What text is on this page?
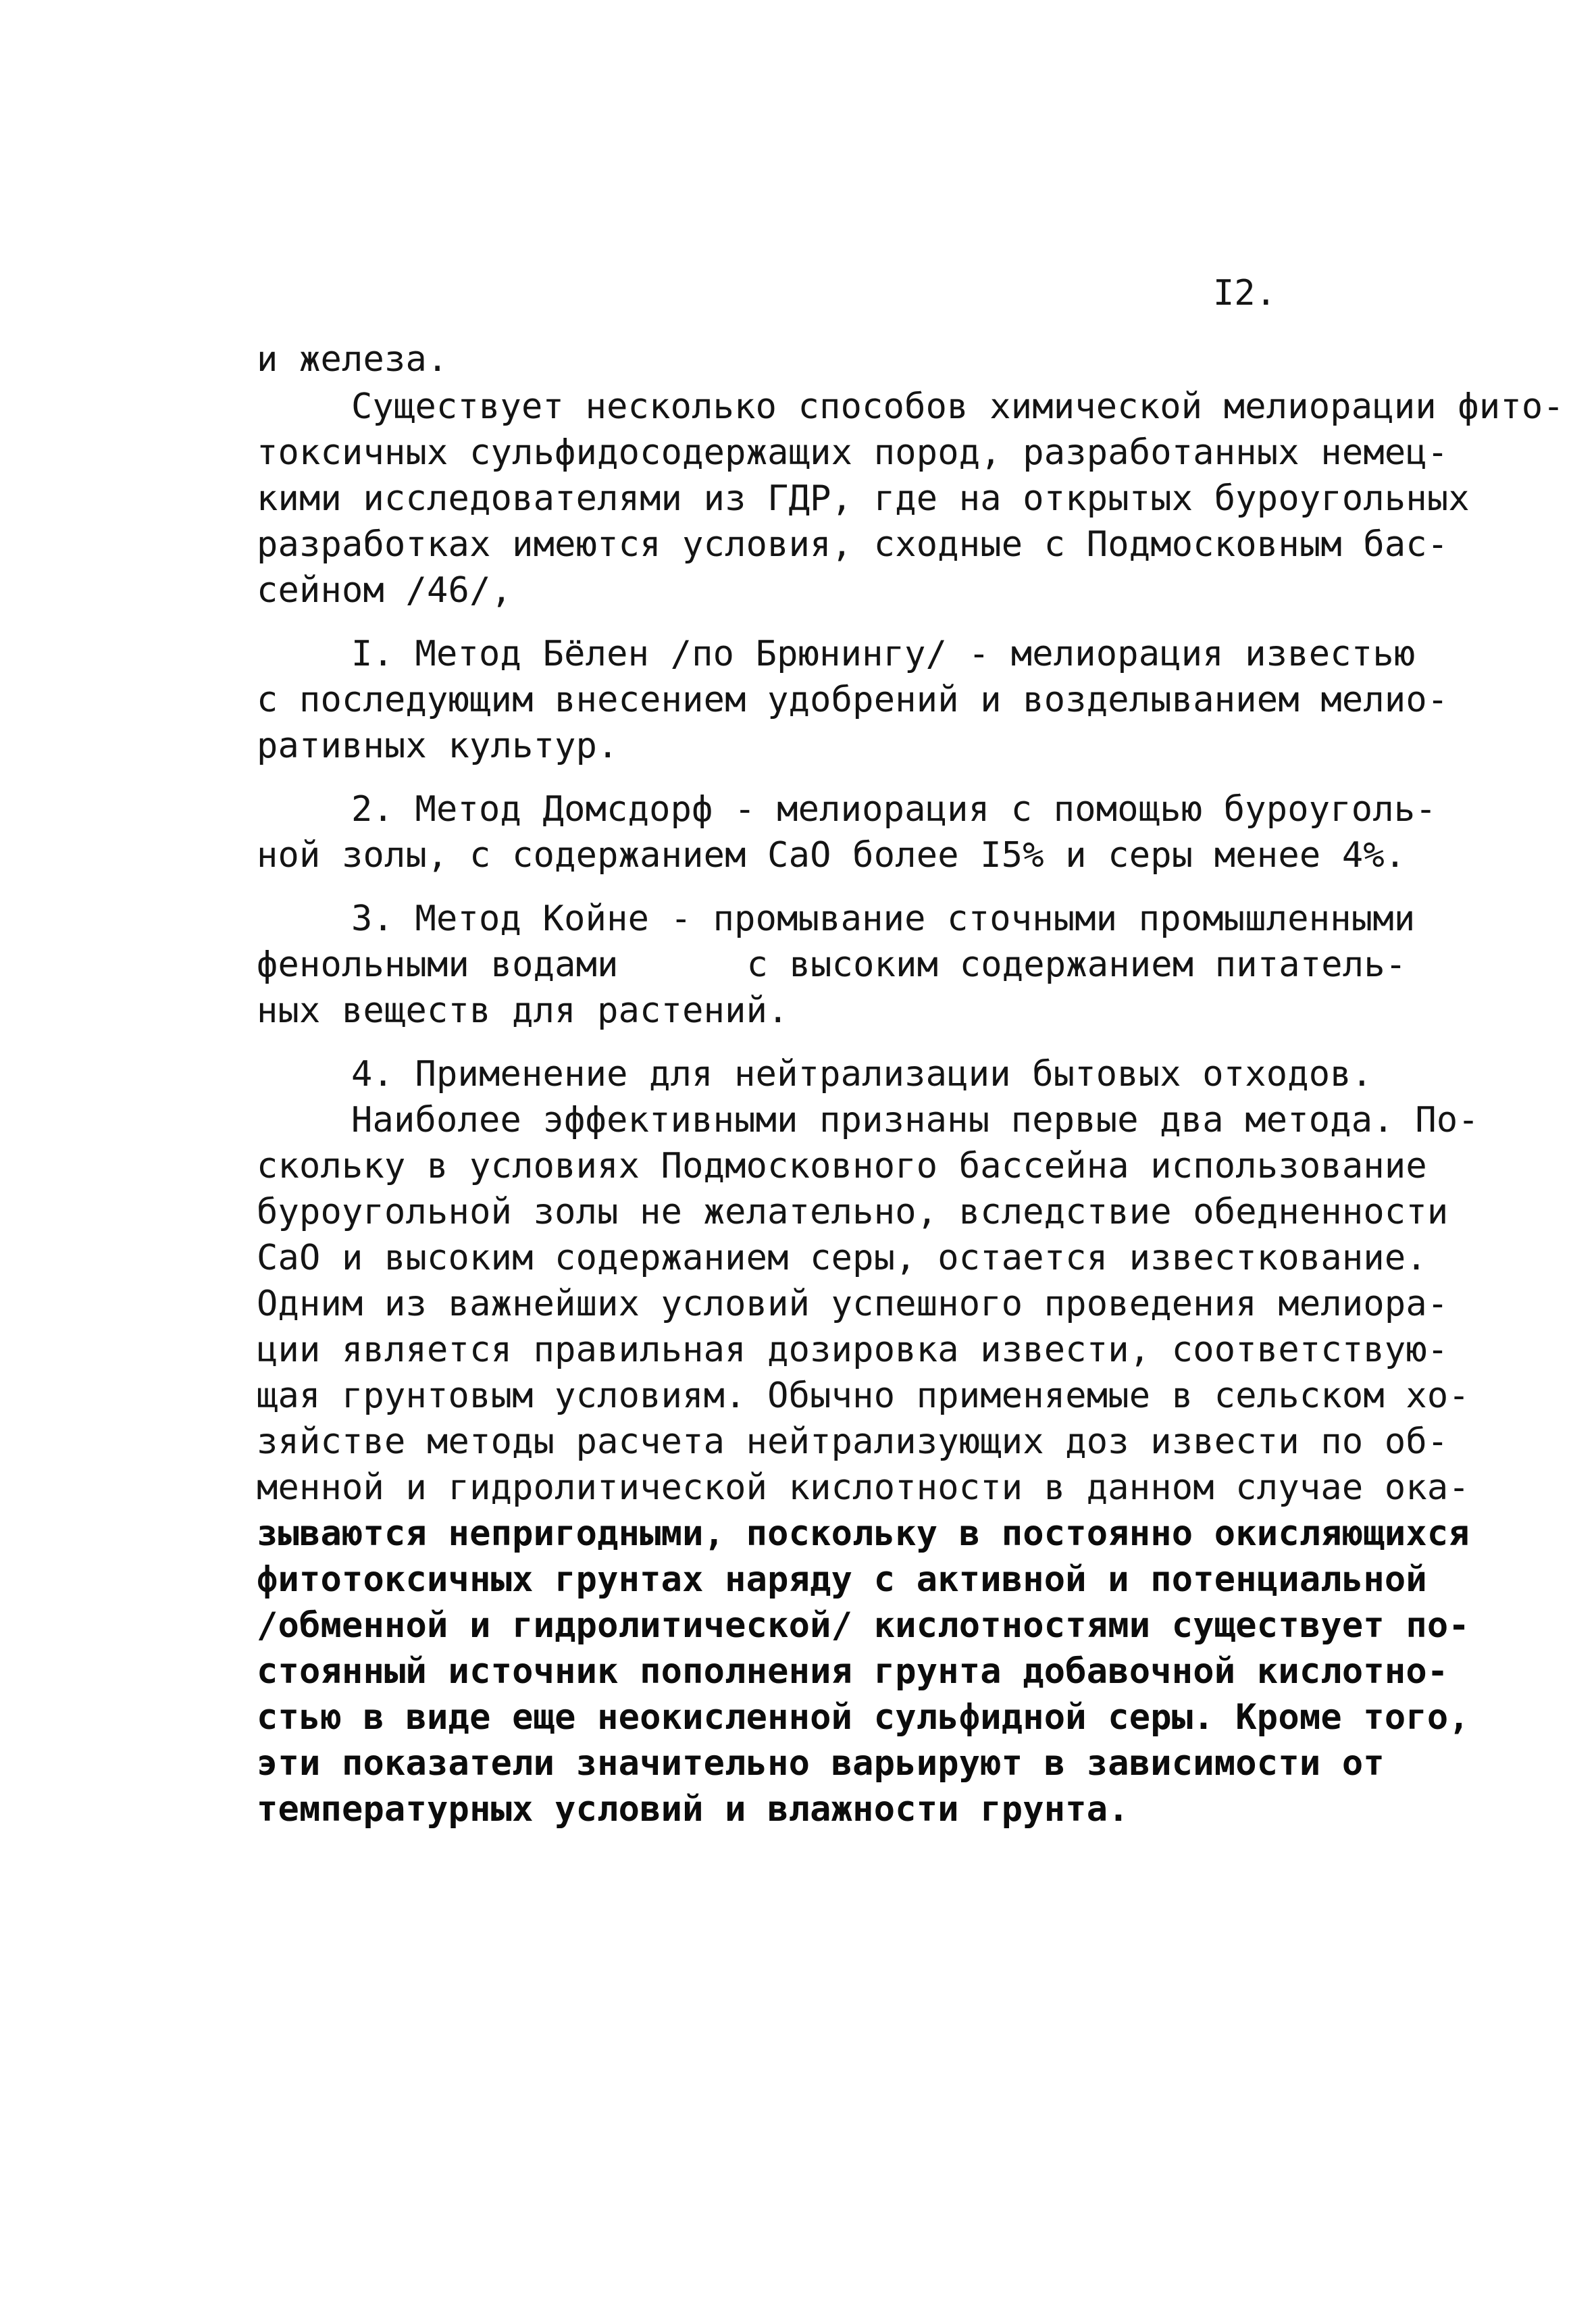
I2.
и железа.
Существует несколько способов химической мелиорации фито-
токсичных сульфидосодержащих пород, разработанных немец-
кими исследователями из ГДР, где на открытых буроугольных
разработках имеются условия, сходные с Подмосковным бас-
сейном /46/,
I. Метод Бёлен /по Брюнингу/ - мелиорация известью
с последующим внесением удобрений и возделыванием мелио-
ративных культур.
2. Метод Домсдорф - мелиорация с помощью буроуголь-
ной золы, с содержанием СаО более I5% и серы менее 4%.
3. Метод Койне - промывание сточными промышленными
фенольными водами	с высоким содержанием питатель-
ных веществ для растений.
4. Применение для нейтрализации бытовых отходов.
Наиболее эффективными признаны первые два метода. По-
скольку в условиях Подмосковного бассейна использование
буроугольной золы не желательно, вследствие обедненности
СаО и высоким содержанием серы, остается известкование.
Одним из важнейших условий успешного проведения мелиора-
ции является правильная дозировка извести, соответствую-
щая грунтовым условиям. Обычно применяемые в сельском хо-
зяйстве методы расчета нейтрализующих доз извести по об-
менной и гидролитической кислотности в данном случае ока-
зываются непригодными, поскольку в постоянно окисляющихся
фитотоксичных грунтах наряду с активной и потенциальной
/обменной и гидролитической/ кислотностями существует по-
стоянный источник пополнения грунта добавочной кислотно-
стью в виде еще неокисленной сульфидной серы. Кроме того,
эти показатели значительно варьируют в зависимости от
температурных условий и влажности грунта.
